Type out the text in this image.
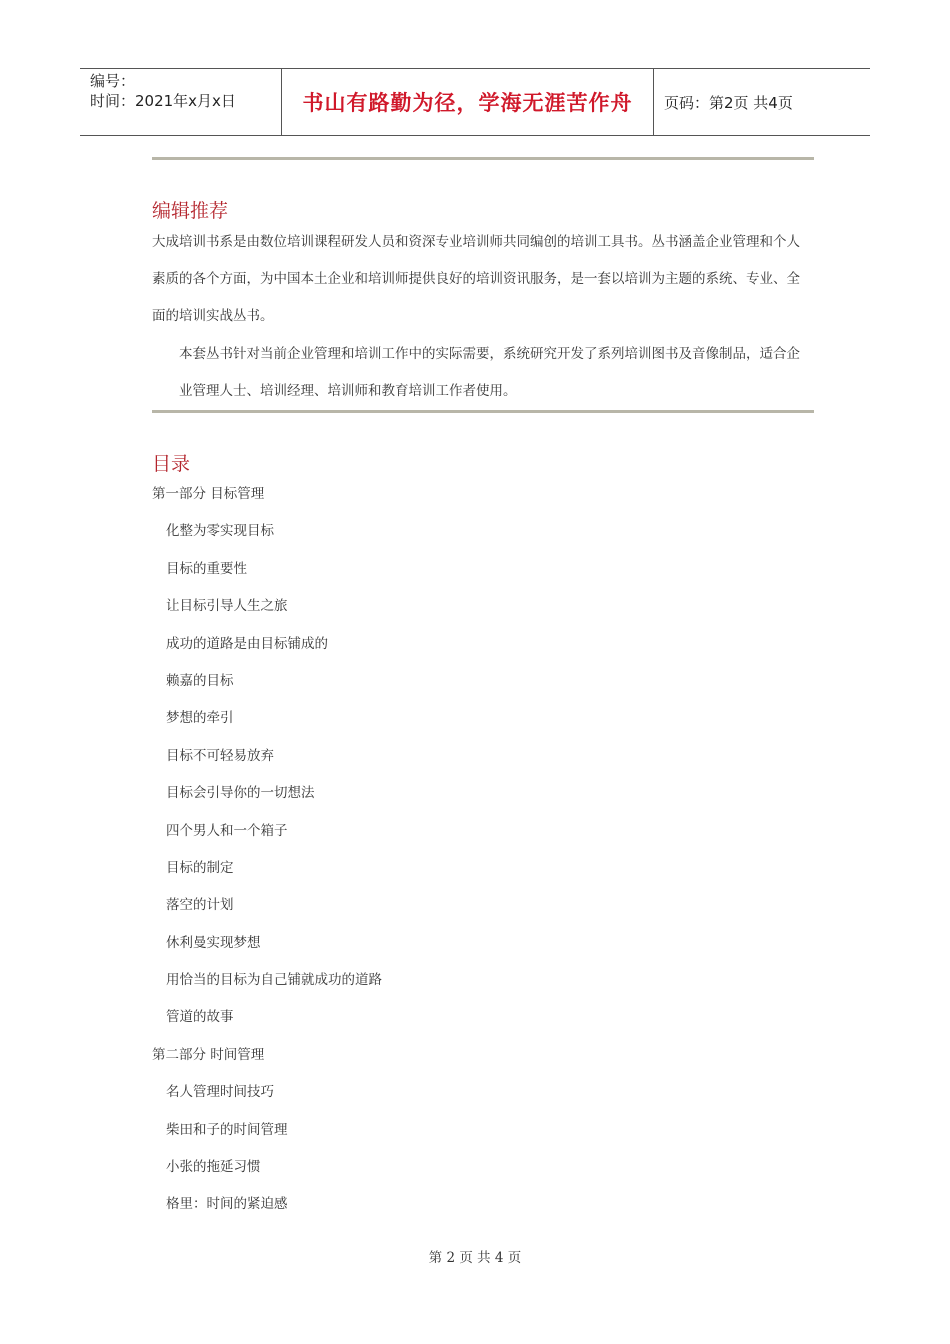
编号：
时间：2021年x月x日	书山有路勤为径，学海无涯苦作舟 页码：第2页 共4页
编辑推荐
大成培训书系是由数位培训课程研发人员和资深专业培训师共同编创的培训工具书。丛书涵盖企业管理和个人素质的各个方面，为中国本土企业和培训师提供良好的培训资讯服务，是一套以培训为主题的系统、专业、全面的培训实战丛书。
本套丛书针对当前企业管理和培训工作中的实际需要，系统研究开发了系列培训图书及音像制品，适合企业管理人士、培训经理、培训师和教育培训工作者使用。
目录
第一部分 目标管理
化整为零实现目标
目标的重要性
让目标引导人生之旅
成功的道路是由目标铺成的
赖嘉的目标
梦想的牵引
目标不可轻易放弃
目标会引导你的一切想法
四个男人和一个箱子
目标的制定
落空的计划
休利曼实现梦想
用恰当的目标为自己铺就成功的道路
管道的故事
第二部分 时间管理
名人管理时间技巧
柴田和子的时间管理
小张的拖延习惯
格里：时间的紧迫感
第 2 页 共 4 页
